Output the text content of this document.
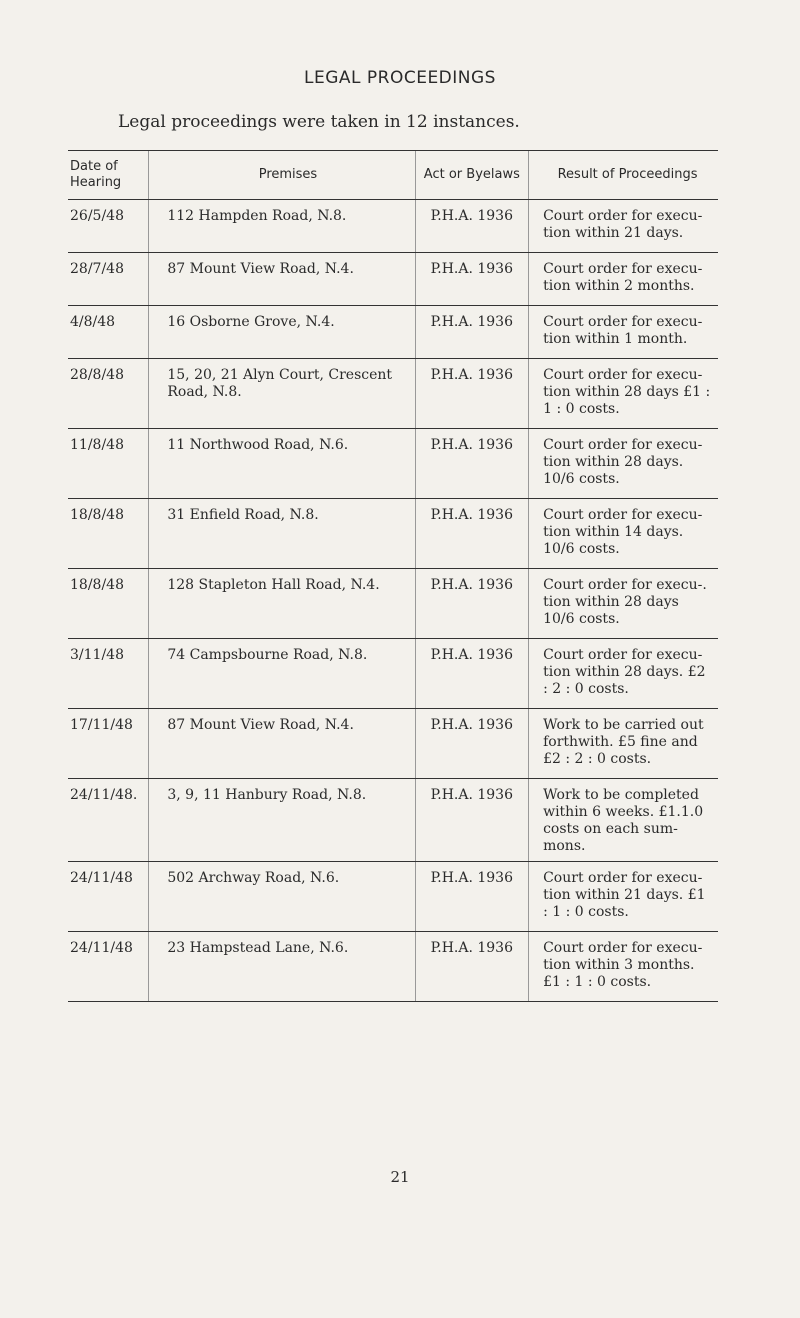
LEGAL PROCEEDINGS
Legal proceedings were taken in 12 instances.
Date of Hearing	Premises	Act or Byelaws	Result of Proceedings
26/5/48	112 Hampden Road, N.8.	P.H.A. 1936	Court order for execu- tion within 21 days.
28/7/48	87 Mount View Road, N.4.	P.H.A. 1936	Court order for execu- tion within 2 months.
4/8/48	16 Osborne Grove, N.4.	P.H.A. 1936	Court order for execu- tion within 1 month.
28/8/48	15, 20, 21 Alyn Court, Crescent Road, N.8.	P.H.A. 1936	Court order for execu- tion within 28 days £1 : 1 : 0 costs.
11/8/48	11 Northwood Road, N.6.	P.H.A. 1936	Court order for execu- tion within 28 days. 10/6 costs.
18/8/48	31 Enfield Road, N.8.	P.H.A. 1936	Court order for execu- tion within 14 days. 10/6 costs.
18/8/48	128 Stapleton Hall Road, N.4.	P.H.A. 1936	Court order for execu-. tion within 28 days 10/6 costs.
3/11/48	74 Campsbourne Road, N.8.	P.H.A. 1936	Court order for execu- tion within 28 days. £2 : 2 : 0 costs.
17/11/48	87 Mount View Road, N.4.	P.H.A. 1936	Work to be carried out forthwith. £5 fine and £2 : 2 : 0 costs.
24/11/48.	3, 9, 11 Hanbury Road, N.8.	P.H.A. 1936	Work to be completed within 6 weeks. £1.1.0 costs on each sum- mons.
24/11/48	502 Archway Road, N.6.	P.H.A. 1936	Court order for execu- tion within 21 days. £1 : 1 : 0 costs.
24/11/48	23 Hampstead Lane, N.6.	P.H.A. 1936	Court order for execu- tion within 3 months. £1 : 1 : 0 costs.
21
